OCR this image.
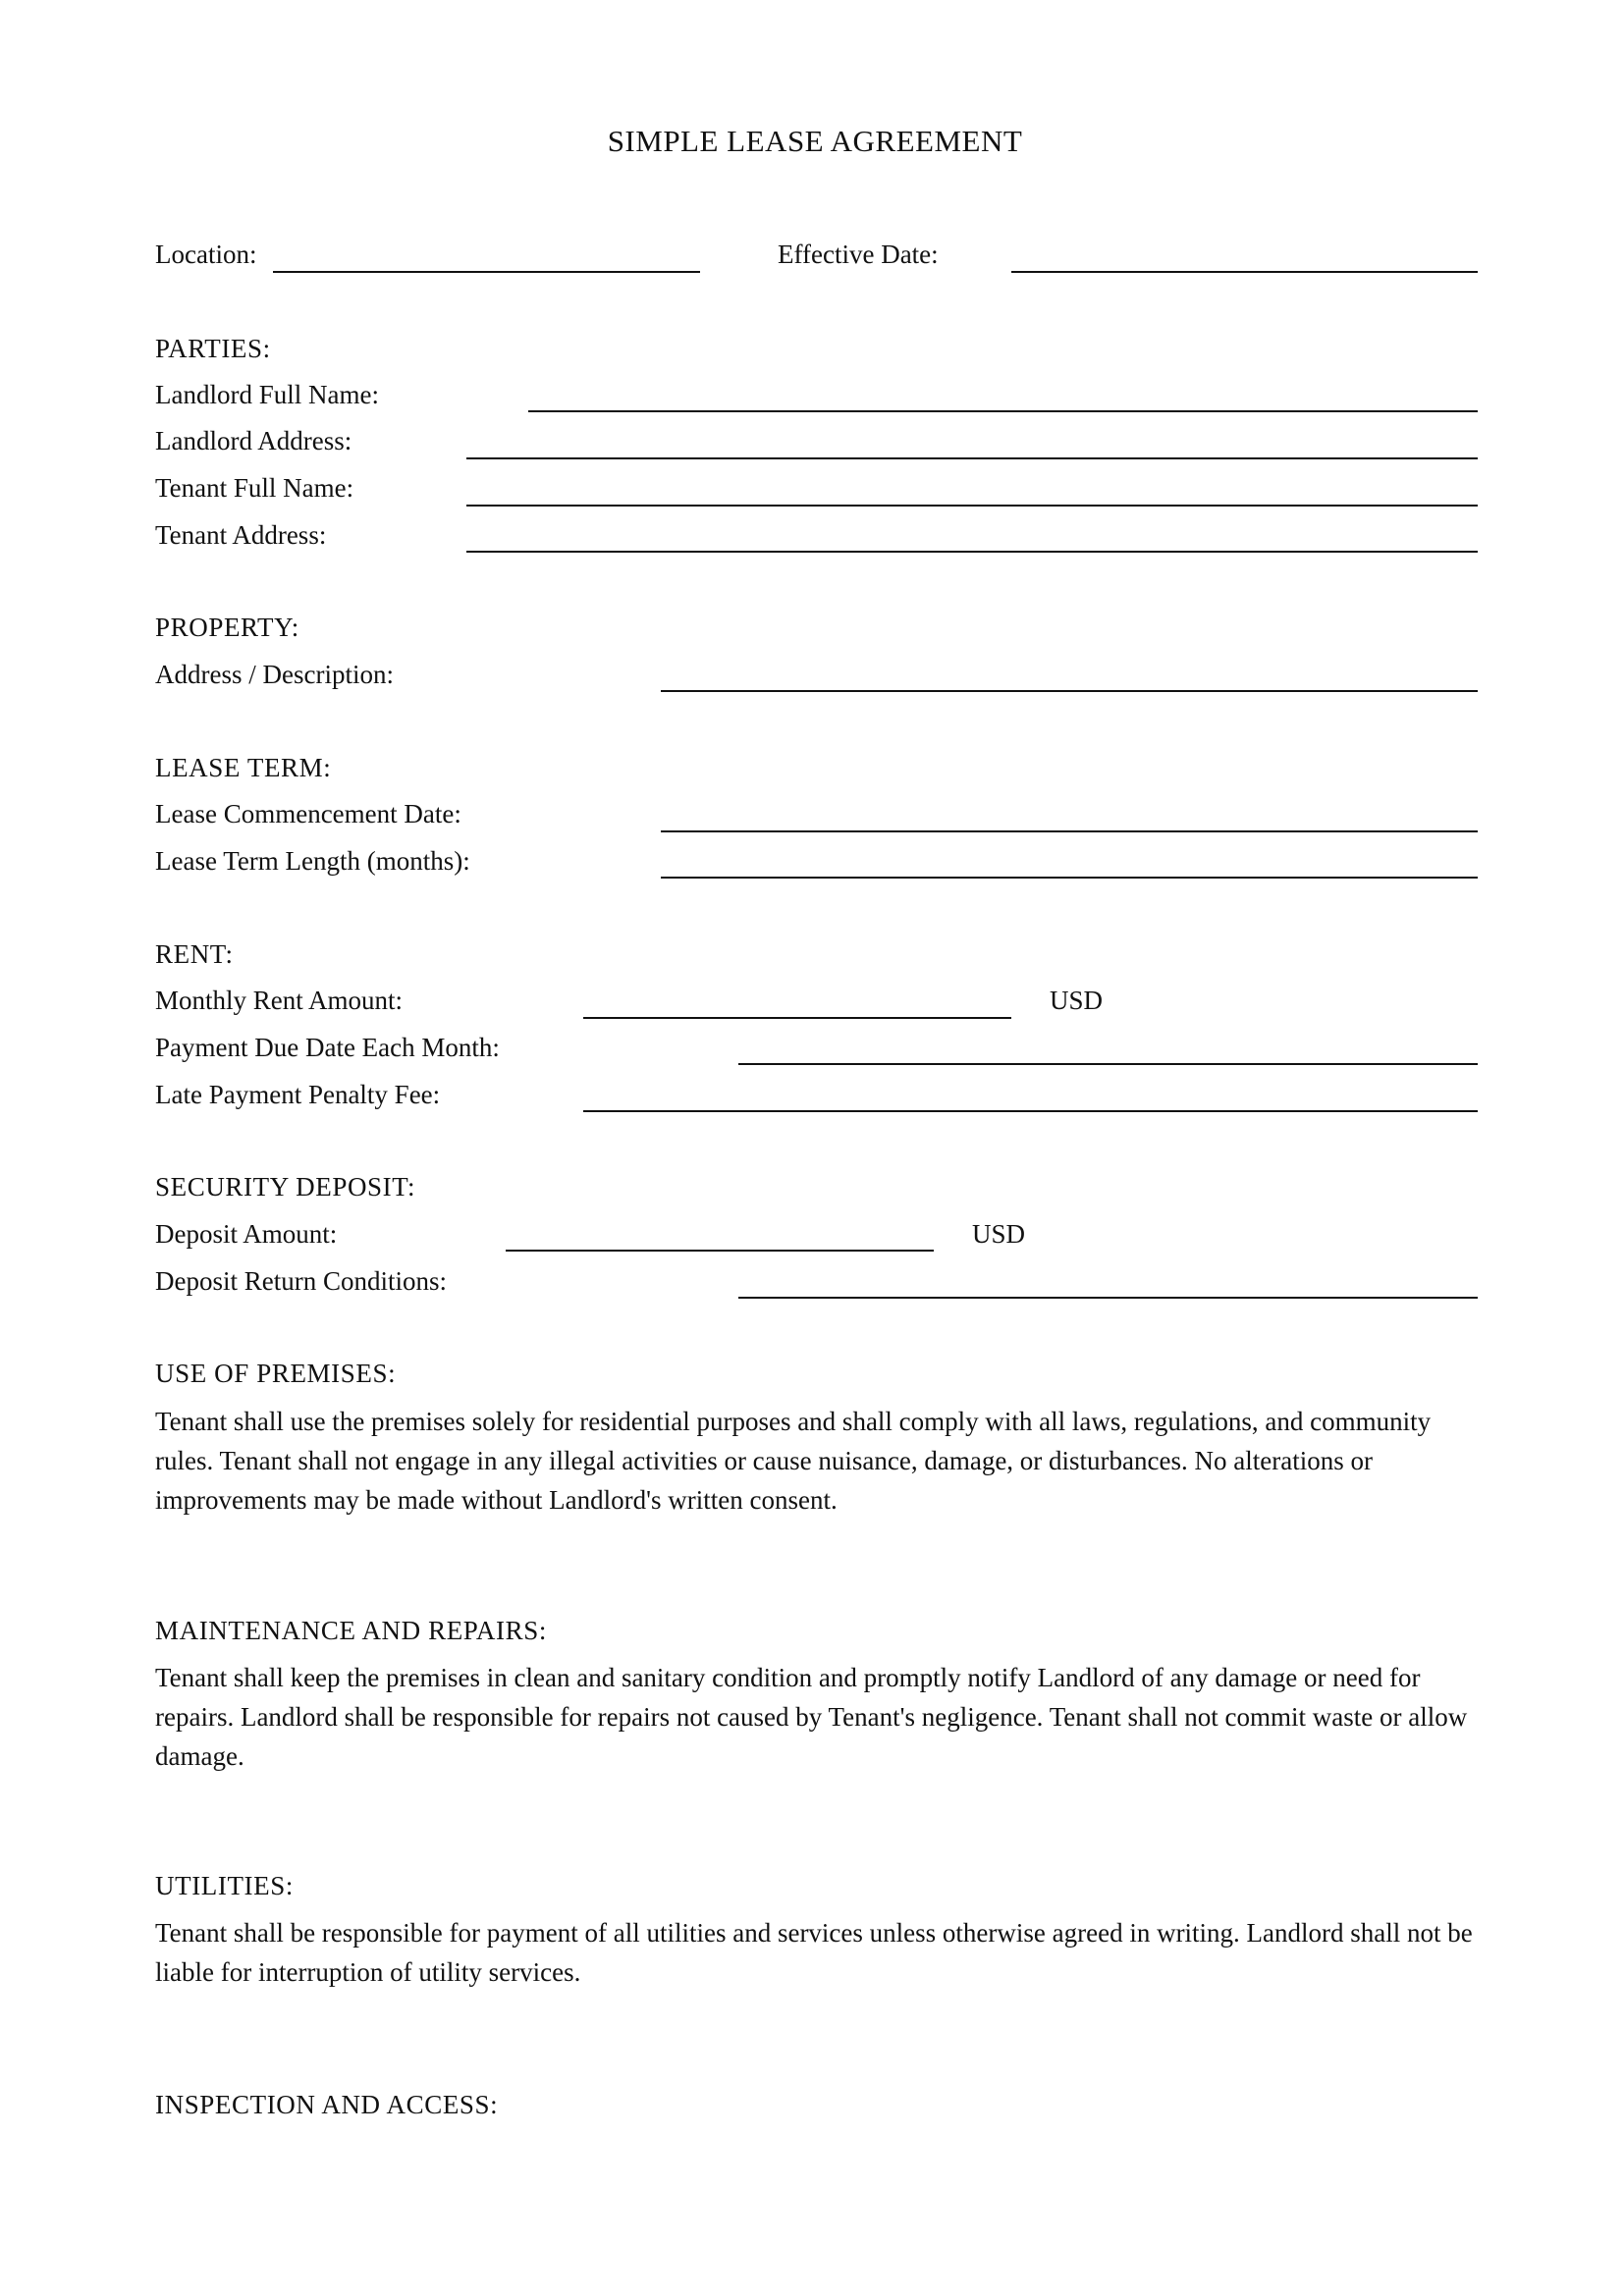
SIMPLE LEASE AGREEMENT
Location:	Effective Date:
PARTIES:
Landlord Full Name:
Landlord Address:
Tenant Full Name:
Tenant Address:
PROPERTY:
Address / Description:
LEASE TERM:
Lease Commencement Date:
Lease Term Length (months):
RENT:
Monthly Rent Amount:	USD
Payment Due Date Each Month:
Late Payment Penalty Fee:
SECURITY DEPOSIT:
Deposit Amount:	USD
Deposit Return Conditions:
USE OF PREMISES:
Tenant shall use the premises solely for residential purposes and shall comply with all laws, regulations, and community rules. Tenant shall not engage in any illegal activities or cause nuisance, damage, or disturbances. No alterations or improvements may be made without Landlord's written consent.
MAINTENANCE AND REPAIRS:
Tenant shall keep the premises in clean and sanitary condition and promptly notify Landlord of any damage or need for repairs. Landlord shall be responsible for repairs not caused by Tenant's negligence. Tenant shall not commit waste or allow damage.
UTILITIES:
Tenant shall be responsible for payment of all utilities and services unless otherwise agreed in writing. Landlord shall not be liable for interruption of utility services.
INSPECTION AND ACCESS:
